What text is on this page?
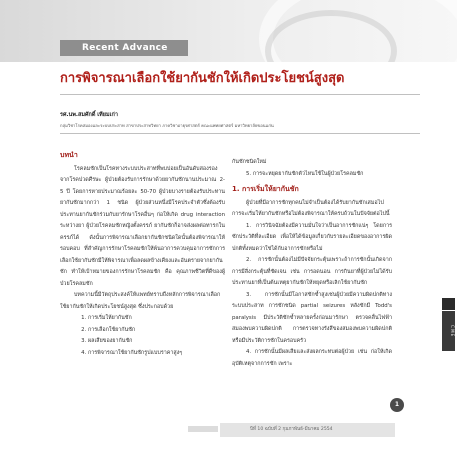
Recent Advance
การพิจารณาเลือกใช้ยากันชักให้เกิดประโยชน์สูงสุด
รศ.นพ.สมศักดิ์ เทียมเก่า
กลุ่มวิชาโรคสมองและระบบประสาท สาขาประสาทวิทยา ภาควิชาอายุรศาสตร์ คณะแพทยศาสตร์ มหาวิทยาลัยขอนแก่น
บทนำ

โรคลมชักเป็นโรคทางระบบประสาทที่พบบ่อยเป็นอันดับสองรองจากโรคปวดศีรษะ ผู้ป่วยต้องรับการรักษาด้วยยากันชักนานประมาณ 2-5 ปี โดยการหายประมาณร้อยละ 50-70 ผู้ป่วยบางรายต้องรับประทานยากันชักมากกว่า 1 ชนิด ผู้ป่วยส่วนหนึ่งมีโรคประจำตัวซึ่งต้องรับประทานยากันชักร่วมกับยารักษาโรคอื่นๆ ก่อให้เกิด drug interaction ระหว่างยา ผู้ป่วยโรคลมชักหญิงตั้งครรภ์ ยากันชักก็อาจส่งผลต่อทารกในครรภ์ได้ ดังนั้นการพิจารณาเลือกยากันชักชนิดใดนั้นต้องพิจารณาให้รอบคอบ ที่สำคัญการรักษาโรคลมชักให้พ้นอาการควบคุมอาการชักการเลือกใช้ยากันชักมีให้พิจารณาเพื่อลดผลข้างเคียงและอันตรายจากยากันชัก ทำให้เป้าหมายของการรักษาโรคลมชัก คือ คุณภาพชีวิตที่ดีของผู้ป่วยโรคลมชัก

บทความนี้มีวัตถุประสงค์ให้แพทย์ทราบถึงหลักการพิจารณาเลือกใช้ยากันชักให้เกิดประโยชน์สูงสุด ซึ่งประกอบด้วย

1. การเริ่มให้ยากันชัก
2. การเลือกใช้ยากันชัก
3. ผลเสียของยากันชัก
4. การพิจารณาใช้ยากันชักรูปแบบราคาสูงๆ

กันชักชนิดใหม่

5. การจะหยุดยากันชักตัวไหนใช้ในผู้ป่วยโรคลมชัก

1. การเริ่มให้ยากันชัก

ผู้ป่วยที่มีอาการชักทุกคนไม่จำเป็นต้องได้รับยากันชักเสมอไป การจะเริ่มให้ยากันชักหรือไม่ต้องพิจารณาให้ครบถ้วนในปัจจัยต่อไปนี้

1. การวินิจฉัยต้องมีความมั่นใจว่าเป็นอาการชักแน่ๆ โดยการซักประวัติที่ละเอียด เพื่อให้ได้ข้อมูลเกี่ยวกับรายละเอียดของอาการผิดปกติทั้งหมดว่าใช่ได้กับอาการชักหรือไม่

2. การชักนั้นต้องไม่มีปัจจัยกระตุ้นเพราะถ้าการชักนั้นเกิดจากการมีสิ่งกระตุ้นที่ชัดเจน เช่น การอดนอน การกินยาที่ผู้ป่วยไม่ได้รับประทานยาที่เป็นต้นเหตุยากันชักให้หยุดหรือเลิกใช้ยากันชัก

3. การชักนั้นมีโอกาสชักซ้ำสูงเช่นผู้ป่วยมีความผิดปกติทางระบบประสาท การชักชนิด partial seizures หลังชักมี Todd's paralysis มีประวัติชักซ้ำหลายครั้งก่อนมารักษา ตรวจคลื่นไฟฟ้าสมองพบความผิดปกติ การตรวจทางรังสีของสมองพบความผิดปกติ หรือมีประวัติการชักในครอบครัว

4. การชักนั้นมีผลเสียและส่งผลกระทบต่อผู้ป่วย เช่น ก่อให้เกิดอุบัติเหตุจากการชัก เพราะ

C M E
ปีที่ 10 ฉบับที่ 2 กุมภาพันธ์-มีนาคม 2554
1
